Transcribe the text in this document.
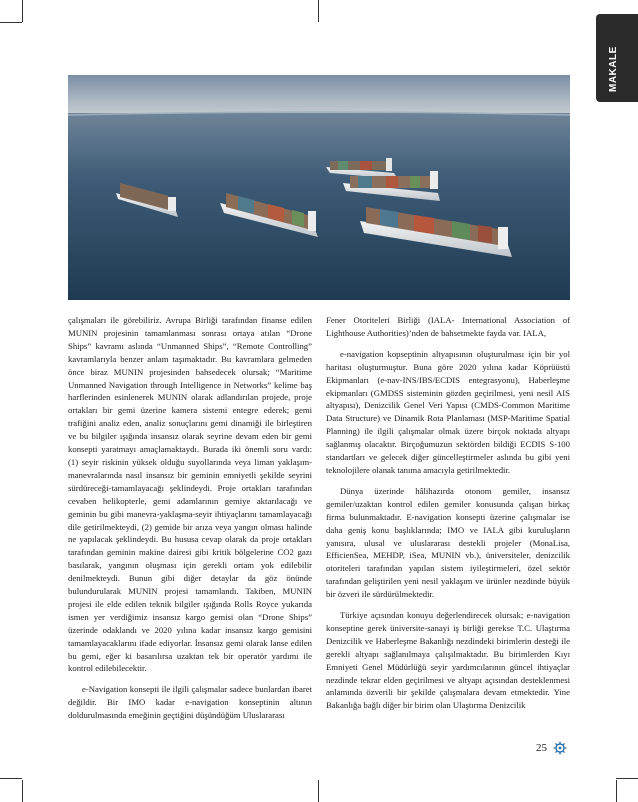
MAKALE

çalışmaları ile görebiliriz. Avrupa Birliği tarafından finanse edilen MUNIN projesinin tamamlanması sonrası ortaya atılan “Drone Ships” kavramı aslında “Unmanned Ships”, “Remote Controlling” kavramlarıyla benzer anlam taşımaktadır. Bu kavramlara gelmeden önce biraz MUNIN projesinden bahsedecek olursak; “Maritime Unmanned Navigation through Intelligence in Networks” kelime baş harflerinden esinlenerek MUNIN olarak adlandırılan projede, proje ortakları bir gemi üzerine kamera sistemi entegre ederek; gemi trafiğini analiz eden, analiz sonuçlarını gemi dinamiği ile birleştiren ve bu bilgiler ışığında insansız olarak seyrine devam eden bir gemi konsepti yaratmayı amaçlamaktaydı. Burada iki önemli soru vardı: (1) seyir riskinin yüksek olduğu suyollarında veya liman yaklaşım-manevralarında nasıl insansız bir geminin emniyetli şekilde seyrini sürdüreceği-tamamlayacağı şeklindeydi. Proje ortakları tarafından cevaben helikopterle, gemi adamlarının gemiye aktarılacağı ve geminin bu gibi manevra-yaklaşma-seyir ihtiyaçlarını tamamlayacağı dile getirilmekteydi, (2) gemide bir arıza veya yangın olması halinde ne yapılacak şeklindeydi. Bu hususa cevap olarak da proje ortakları tarafından geminin makine dairesi gibi kritik bölgelerine CO2 gazı basılarak, yangının oluşması için gerekli ortam yok edilebilir denilmekteydi. Bunun gibi diğer detaylar da göz önünde bulundurularak MUNIN projesi tamamlandı. Takiben, MUNIN projesi ile elde edilen teknik bilgiler ışığında Rolls Royce yukarıda ismen yer verdiğimiz insansız kargo gemisi olan “Drone Ships” üzerinde odaklandı ve 2020 yılına kadar insansız kargo gemisini tamamlayacaklarını ifade ediyorlar. İnsansız gemi olarak lanse edilen bu gemi, eğer ki basarılırsa uzaktan tek bir operatör yardımı ile kontrol edilebilecektir.

e-Navigation konsepti ile ilgili çalışmalar sadece bunlardan ibaret değildir. Bir IMO kadar e-navigation konseptinin altının doldurulmasında emeğinin geçtiğini düşündüğüm Uluslararası

Fener Otoriteleri Birliği (IALA- International Association of Lighthouse Authorities)’nden de bahsetmekte fayda var. IALA,

e-navigation kopseptinin altyapısının oluşturulması için bir yol haritası oluşturmuştur. Buna göre 2020 yılına kadar Köprüüstü Ekipmanları (e-nav-INS/IBS/ECDIS entegrasyonu), Haberleşme ekipmanları (GMDSS sisteminin gözden geçirilmesi, yeni nesil AIS altyapısı), Denizcilik Genel Veri Yapısı (CMDS-Common Maritime Data Structure) ve Dinamik Rota Planlaması (MSP-Maritime Spatial Planning) ile ilgili çalışmalar olmak üzere birçok noktada altyapı sağlanmış olacaktır. Birçoğumuzun sektörden bildiği ECDIS S-100 standartları ve gelecek diğer güncelleştirmeler aslında bu gibi yeni teknolojilere olanak tanıma amacıyla getirilmektedir.

Dünya üzerinde hâlihazırda otonom gemiler, insansız gemiler/uzaktan kontrol edilen gemiler konusunda çalışan birkaç firma bulunmaktadır. E-navigation konsepti üzerine çalışmalar ise daha geniş konu başlıklarında; IMO ve IALA gibi kuruluşların yanısıra, ulusal ve uluslararası destekli projeler (MonaLisa, EfficienSea, MEHDP, iSea, MUNIN vb.), üniversiteler, denizcilik otoriteleri tarafından yapılan sistem iyileştirmeleri, özel sektör tarafından geliştirilen yeni nesil yaklaşım ve ürünler nezdinde büyük bir özveri ile sürdürülmektedir.

Türkiye açısından konuyu değerlendirecek olursak; e-navigation konseptine gerek üniversite-sanayi iş birliği gerekse T.C. Ulaştırma Denizcilik ve Haberleşme Bakanlığı nezdindeki birimlerin desteği ile gerekli altyapı sağlanılmaya çalışılmaktadır. Bu birimlerden Kıyı Emniyeti Genel Müdürlüğü seyir yardımcılarının güncel ihtiyaçlar nezdinde tekrar elden geçirilmesi ve altyapı açısından desteklenmesi anlamında özverili bir şekilde çalışmalara devam etmektedir. Yine Bakanlığa bağlı diğer bir birim olan Ulaştırma Denizcilik

25
